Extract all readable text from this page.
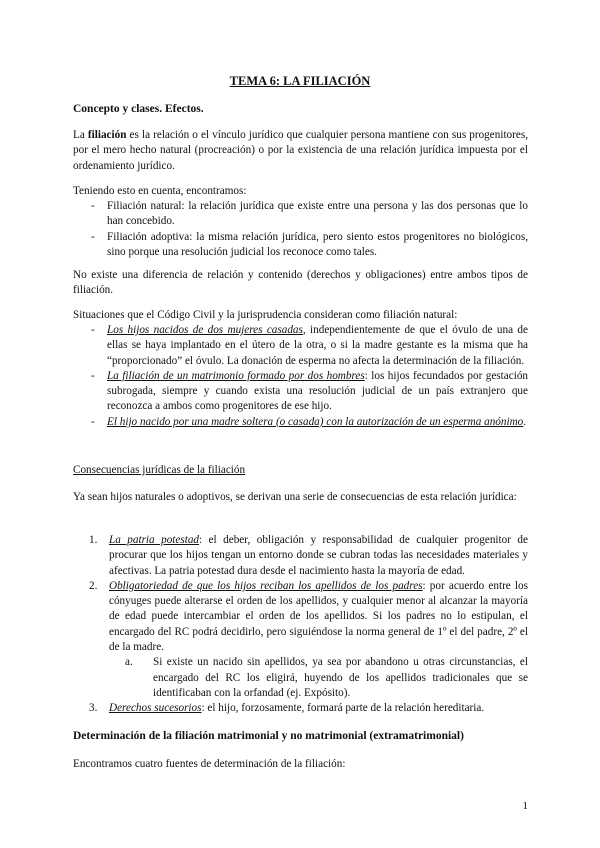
TEMA 6: LA FILIACIÓN
Concepto y clases. Efectos.

La filiación es la relación o el vínculo jurídico que cualquier persona mantiene con sus progenitores, por el mero hecho natural (procreación) o por la existencia de una relación jurídica impuesta por el ordenamiento jurídico.

Teniendo esto en cuenta, encontramos:

- Filiación natural: la relación jurídica que existe entre una persona y las dos personas que lo han concebido.
- Filiación adoptiva: la misma relación jurídica, pero siento estos progenitores no biológicos, sino porque una resolución judicial los reconoce como tales.

No existe una diferencia de relación y contenido (derechos y obligaciones) entre ambos tipos de filiación.

Situaciones que el Código Civil y la jurisprudencia consideran como filiación natural:

- Los hijos nacidos de dos mujeres casadas, independientemente de que el óvulo de una de ellas se haya implantado en el útero de la otra, o si la madre gestante es la misma que ha “proporcionado” el óvulo. La donación de esperma no afecta la determinación de la filiación.
- La filiación de un matrimonio formado por dos hombres: los hijos fecundados por gestación subrogada, siempre y cuando exista una resolución judicial de un país extranjero que reconozca a ambos como progenitores de ese hijo.
- El hijo nacido por una madre soltera (o casada) con la autorización de un esperma anónimo.
Consecuencias jurídicas de la filiación

Ya sean hijos naturales o adoptivos, se derivan una serie de consecuencias de esta relación jurídica:

1. La patria potestad: el deber, obligación y responsabilidad de cualquier progenitor de procurar que los hijos tengan un entorno donde se cubran todas las necesidades materiales y afectivas. La patria potestad dura desde el nacimiento hasta la mayoría de edad.
2. Obligatoriedad de que los hijos reciban los apellidos de los padres: por acuerdo entre los cónyuges puede alterarse el orden de los apellidos, y cualquier menor al alcanzar la mayoría de edad puede intercambiar el orden de los apellidos. Si los padres no lo estipulan, el encargado del RC podrá decidirlo, pero siguiéndose la norma general de 1º el del padre, 2º el de la madre.
a. Si existe un nacido sin apellidos, ya sea por abandono u otras circunstancias, el encargado del RC los eligirá, huyendo de los apellidos tradicionales que se identificaban con la orfandad (ej. Expósito).
3. Derechos sucesorios: el hijo, forzosamente, formará parte de la relación hereditaria.
Determinación de la filiación matrimonial y no matrimonial (extramatrimonial)

Encontramos cuatro fuentes de determinación de la filiación:

1
